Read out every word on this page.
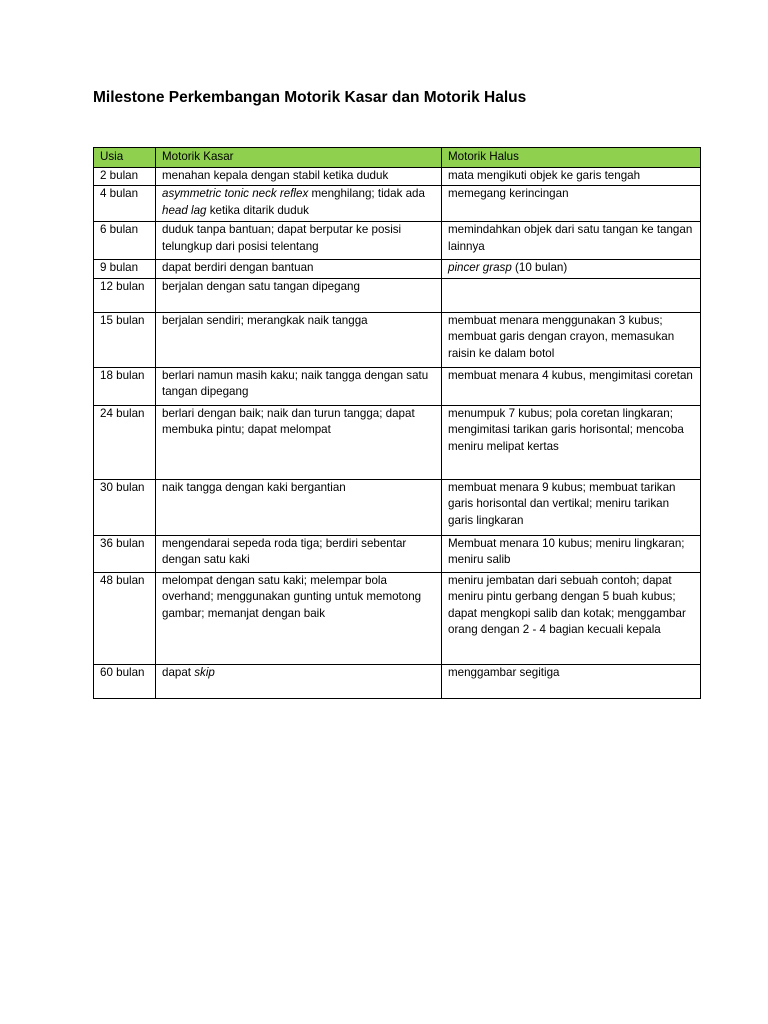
Milestone Perkembangan Motorik Kasar dan Motorik Halus
Usia	Motorik Kasar	Motorik Halus
2 bulan	menahan kepala dengan stabil ketika duduk	mata mengikuti objek ke garis tengah
4 bulan	asymmetric tonic neck reflex menghilang; tidak ada head lag ketika ditarik duduk	memegang kerincingan
6 bulan	duduk tanpa bantuan; dapat berputar ke posisi telungkup dari posisi telentang	memindahkan objek dari satu tangan ke tangan lainnya
9 bulan	dapat berdiri dengan bantuan	pincer grasp (10 bulan)
12 bulan	berjalan dengan satu tangan dipegang	
15 bulan	berjalan sendiri; merangkak naik tangga	membuat menara menggunakan 3 kubus; membuat garis dengan crayon, memasukan raisin ke dalam botol
18 bulan	berlari namun masih kaku; naik tangga dengan satu tangan dipegang	membuat menara 4 kubus, mengimitasi coretan
24 bulan	berlari dengan baik; naik dan turun tangga; dapat membuka pintu; dapat melompat	menumpuk 7 kubus; pola coretan lingkaran; mengimitasi tarikan garis horisontal; mencoba meniru melipat kertas
30 bulan	naik tangga dengan kaki bergantian	membuat menara 9 kubus; membuat tarikan garis horisontal dan vertikal; meniru tarikan garis lingkaran
36 bulan	mengendarai sepeda roda tiga; berdiri sebentar dengan satu kaki	Membuat menara 10 kubus; meniru lingkaran; meniru salib
48 bulan	melompat dengan satu kaki; melempar bola overhand; menggunakan gunting untuk memotong gambar; memanjat dengan baik	meniru jembatan dari sebuah contoh; dapat meniru pintu gerbang dengan 5 buah kubus; dapat mengkopi salib dan kotak; menggambar orang dengan 2 - 4 bagian kecuali kepala
60 bulan	dapat skip	menggambar segitiga
